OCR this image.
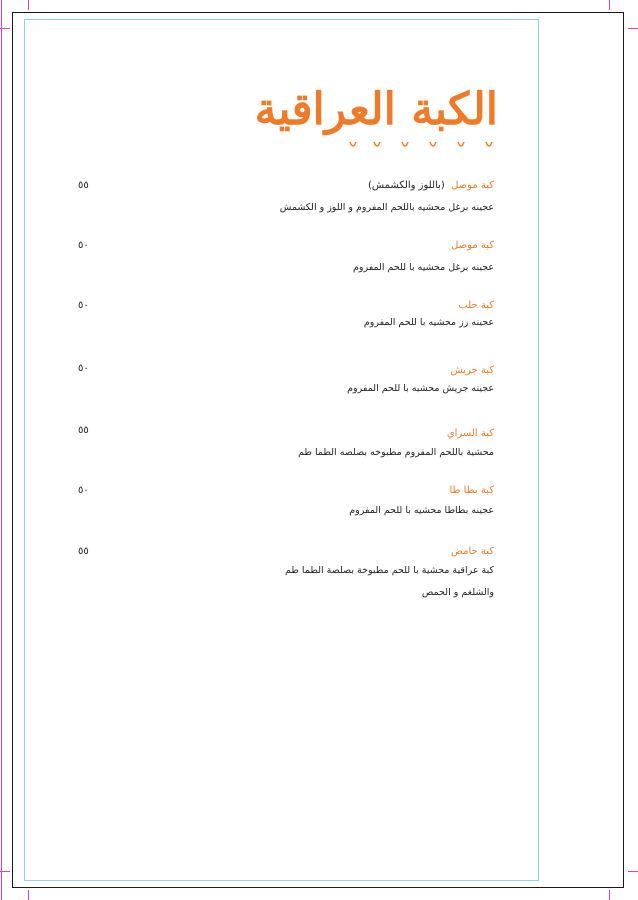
الكبة العراقية
كبة موصل  (باللوز والكشمش)
عجينه برغل محشيه باللحم المفروم و اللوز و الكشمش
٥٥
كبة موصل
عجينه برغل محشيه با للحم المفروم
٥٠
كبة حلب
عجينه رز محشيه با للحم المفروم
٥٠
كبة جريش
عجينه جريش محشيه با للحم المفروم
٥٠
كبة السراي
محشية باللحم المفروم مطبوخه بصلصه الطما طم
٥٥
كبة بطا طا
عجينه بطاطا محشيه با للحم المفروم
٥٠
كبة حامض
كبة عراقية محشية با للحم مطبوخة بصلصة الطما طم
والشلغم و الحمص
٥٥
